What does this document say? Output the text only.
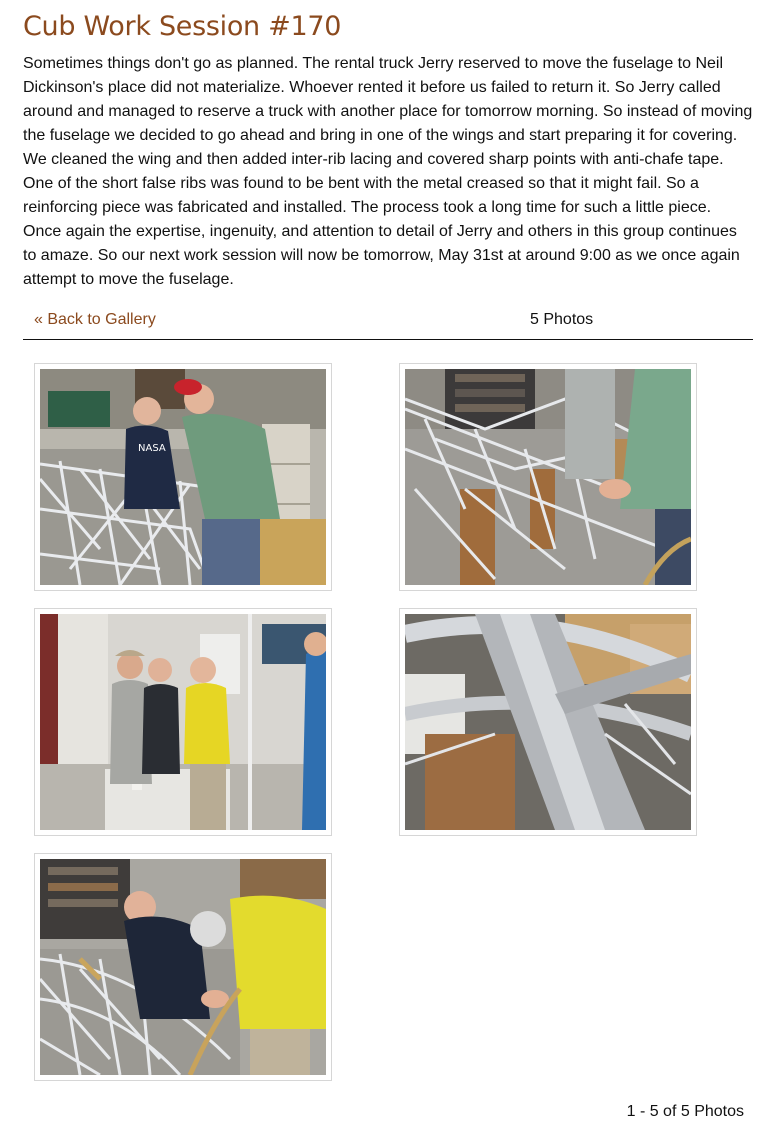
Cub Work Session #170

Sometimes things don't go as planned. The rental truck Jerry reserved to move the fuselage to Neil Dickinson's place did not materialize. Whoever rented it before us failed to return it. So Jerry called around and managed to reserve a truck with another place for tomorrow morning. So instead of moving the fuselage we decided to go ahead and bring in one of the wings and start preparing it for covering. We cleaned the wing and then added inter-rib lacing and covered sharp points with anti-chafe tape. One of the short false ribs was found to be bent with the metal creased so that it might fail. So a reinforcing piece was fabricated and installed. The process took a long time for such a little piece. Once again the expertise, ingenuity, and attention to detail of Jerry and others in this group continues to amaze. So our next work session will now be tomorrow, May 31st at around 9:00 as we once again attempt to move the fuselage.

« Back to Gallery	5 Photos
NASA
1 - 5 of 5 Photos
